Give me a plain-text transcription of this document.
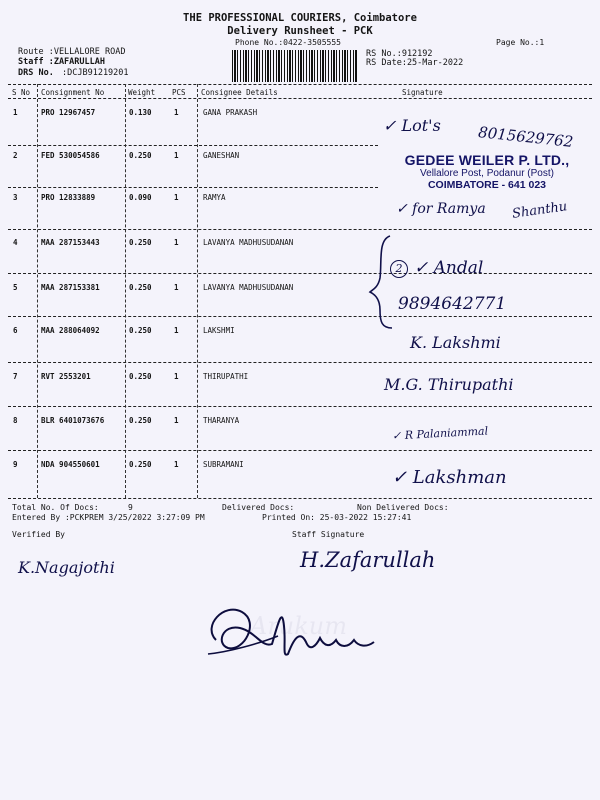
THE PROFESSIONAL COURIERS, Coimbatore
Delivery Runsheet - PCK
Phone No.:0422-3505555	Page No.:1
Route :VELLALORE ROAD
Staff :ZAFARULLAH
DRS No. :DCJB91219201
RS No.:912192
RS Date:25-Mar-2022
S No Consignment No	Weight PCS Consignee Details	Signature
1	PRO 12967457	0.130	1	GANA PRAKASH
2	FED 530054586	0.250	1	GANESHAN
3	PRO 12833889	0.090	1	RAMYA
4	MAA 287153443	0.250	1	LAVANYA MADHUSUDANAN
5	MAA 287153381	0.250	1	LAVANYA MADHUSUDANAN
6	MAA 288064092	0.250	1	LAKSHMI
7	RVT 2553201	0.250	1	THIRUPATHI
8	BLR 6401073676	0.250	1	THARANYA
9	NDA 904550601	0.250	1	SUBRAMANI
✓ Lot's 8015629762
GEDEE WEILER P. LTD.,
Vellalore Post, Podanur (Post)
COIMBATORE - 641 023
✓ for Ramya Shanthu
2 ✓ Andal
9894642771
K. Lakshmi
M.G. Thirupathi
✓ R Palaniammal
✓ Lakshman
Total No. Of Docs:	9	Delivered Docs:	Non Delivered Docs:
Entered By :PCKPREM 3/25/2022 3:27:09 PM	Printed On: 25-03-2022 15:27:41
Verified By	Staff Signature
K.Nagajothi	H.Zafarullah
Arukum
